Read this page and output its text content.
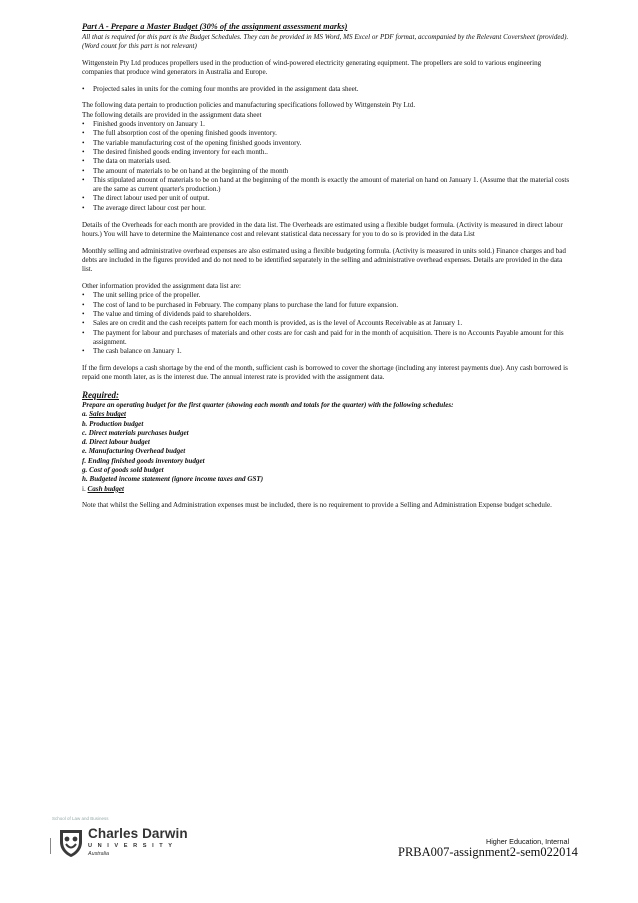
Part A - Prepare a Master Budget (30% of the assignment assessment marks)

All that is required for this part is the Budget Schedules. They can be provided in MS Word, MS Excel or PDF format, accompanied by the Relevant Coversheet (provided).(Word count for this part is not relevant)

Wittgenstein Pty Ltd produces propellers used in the production of wind-powered electricity generating equipment. The propellers are sold to various engineering companies that produce wind generators in Australia and Europe.

• Projected sales in units for the coming four months are provided in the assignment data sheet.

The following data pertain to production policies and manufacturing specifications followed by Wittgenstein Pty Ltd.

The following details are provided in the assignment data sheet

• Finished goods inventory on January 1.
• The full absorption cost of the opening finished goods inventory.
• The variable manufacturing cost of the opening finished goods inventory.
• The desired finished goods ending inventory for each month..
• The data on materials used.
• The amount of materials to be on hand at the beginning of the month
• This stipulated amount of materials to be on hand at the beginning of the month is exactly the amount of material on hand on January 1. (Assume that the material costs are the same as current quarter's production.)
• The direct labour used per unit of output.
• The average direct labour cost per hour.

Details of the Overheads for each month are provided in the data list. The Overheads are estimated using a flexible budget formula. (Activity is measured in direct labour hours.) You will have to determine the Maintenance cost and relevant statistical data necessary for you to do so is provided in the data List

Monthly selling and administrative overhead expenses are also estimated using a flexible budgeting formula. (Activity is measured in units sold.) Finance charges and bad debts are included in the figures provided and do not need to be identified separately in the selling and administrative overhead expenses. Details are provided in the data list.

Other information provided the assignment data list are:

• The unit selling price of the propeller.
• The cost of land to be purchased in February. The company plans to purchase the land for future expansion.
• The value and timing of dividends paid to shareholders.
• Sales are on credit and the cash receipts pattern for each month is provided, as is the level of Accounts Receivable as at January 1.
• The payment for labour and purchases of materials and other costs are for cash and paid for in the month of acquisition. There is no Accounts Payable amount for this assignment.
• The cash balance on January 1.

If the firm develops a cash shortage by the end of the month, sufficient cash is borrowed to cover the shortage (including any interest payments due). Any cash borrowed is repaid one month later, as is the interest due. The annual interest rate is provided with the assignment data.

Required:

Prepare an operating budget for the first quarter (showing each month and totals for the quarter) with the following schedules:

a. Sales budget
b. Production budget
c. Direct materials purchases budget
d. Direct labour budget
e. Manufacturing Overhead budget
f. Ending finished goods inventory budget
g. Cost of goods sold budget
h. Budgeted income statement (ignore income taxes and GST)
i. Cash budget

Note that whilst the Selling and Administration expenses must be included, there is no requirement to provide a Selling and Administration Expense budget schedule.

School of Law and Business
Charles Darwin
UNIVERSITY
Australia
Higher Education, Internal
PRBA007-assignment2-sem022014
